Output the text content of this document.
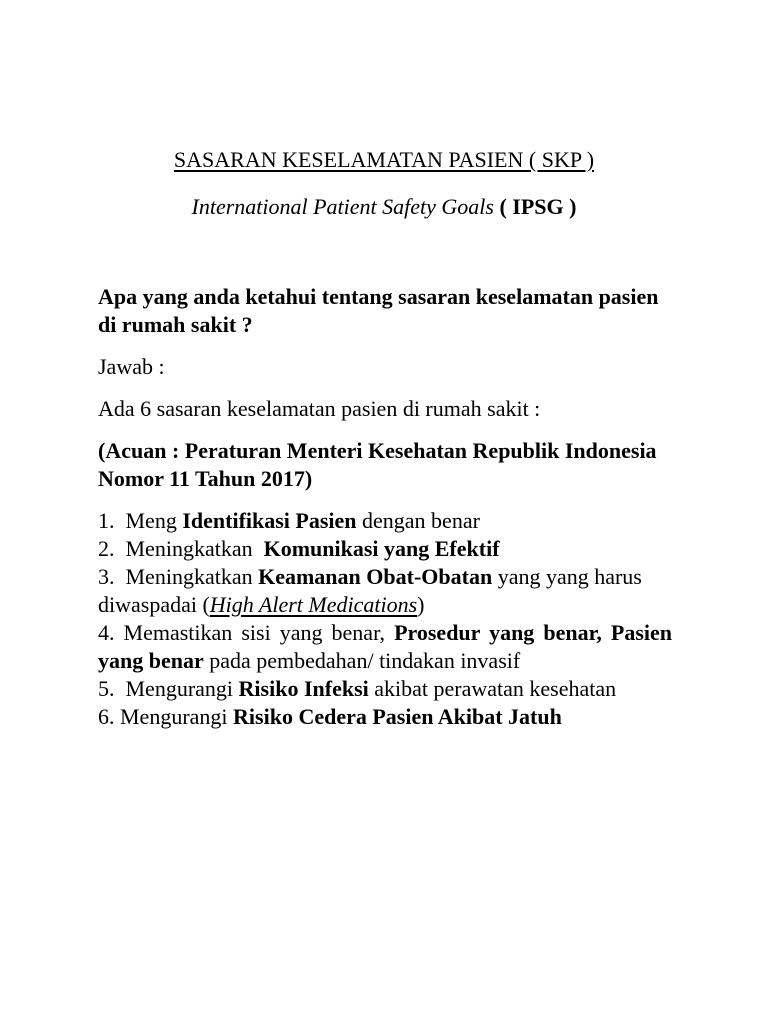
SASARAN KESELAMATAN PASIEN ( SKP )
International Patient Safety Goals ( IPSG )
Apa yang anda ketahui tentang sasaran keselamatan pasien di rumah sakit ?
Jawab :
Ada 6 sasaran keselamatan pasien di rumah sakit :
(Acuan : Peraturan Menteri Kesehatan Republik Indonesia Nomor 11 Tahun 2017)
1. Meng Identifikasi Pasien dengan benar
2. Meningkatkan  Komunikasi yang Efektif
3. Meningkatkan Keamanan Obat-Obatan yang yang harus diwaspadai (High Alert Medications)
4. Memastikan sisi yang benar, Prosedur yang benar, Pasien yang benar pada pembedahan/ tindakan invasif
5. Mengurangi Risiko Infeksi akibat perawatan kesehatan
6. Mengurangi Risiko Cedera Pasien Akibat Jatuh
